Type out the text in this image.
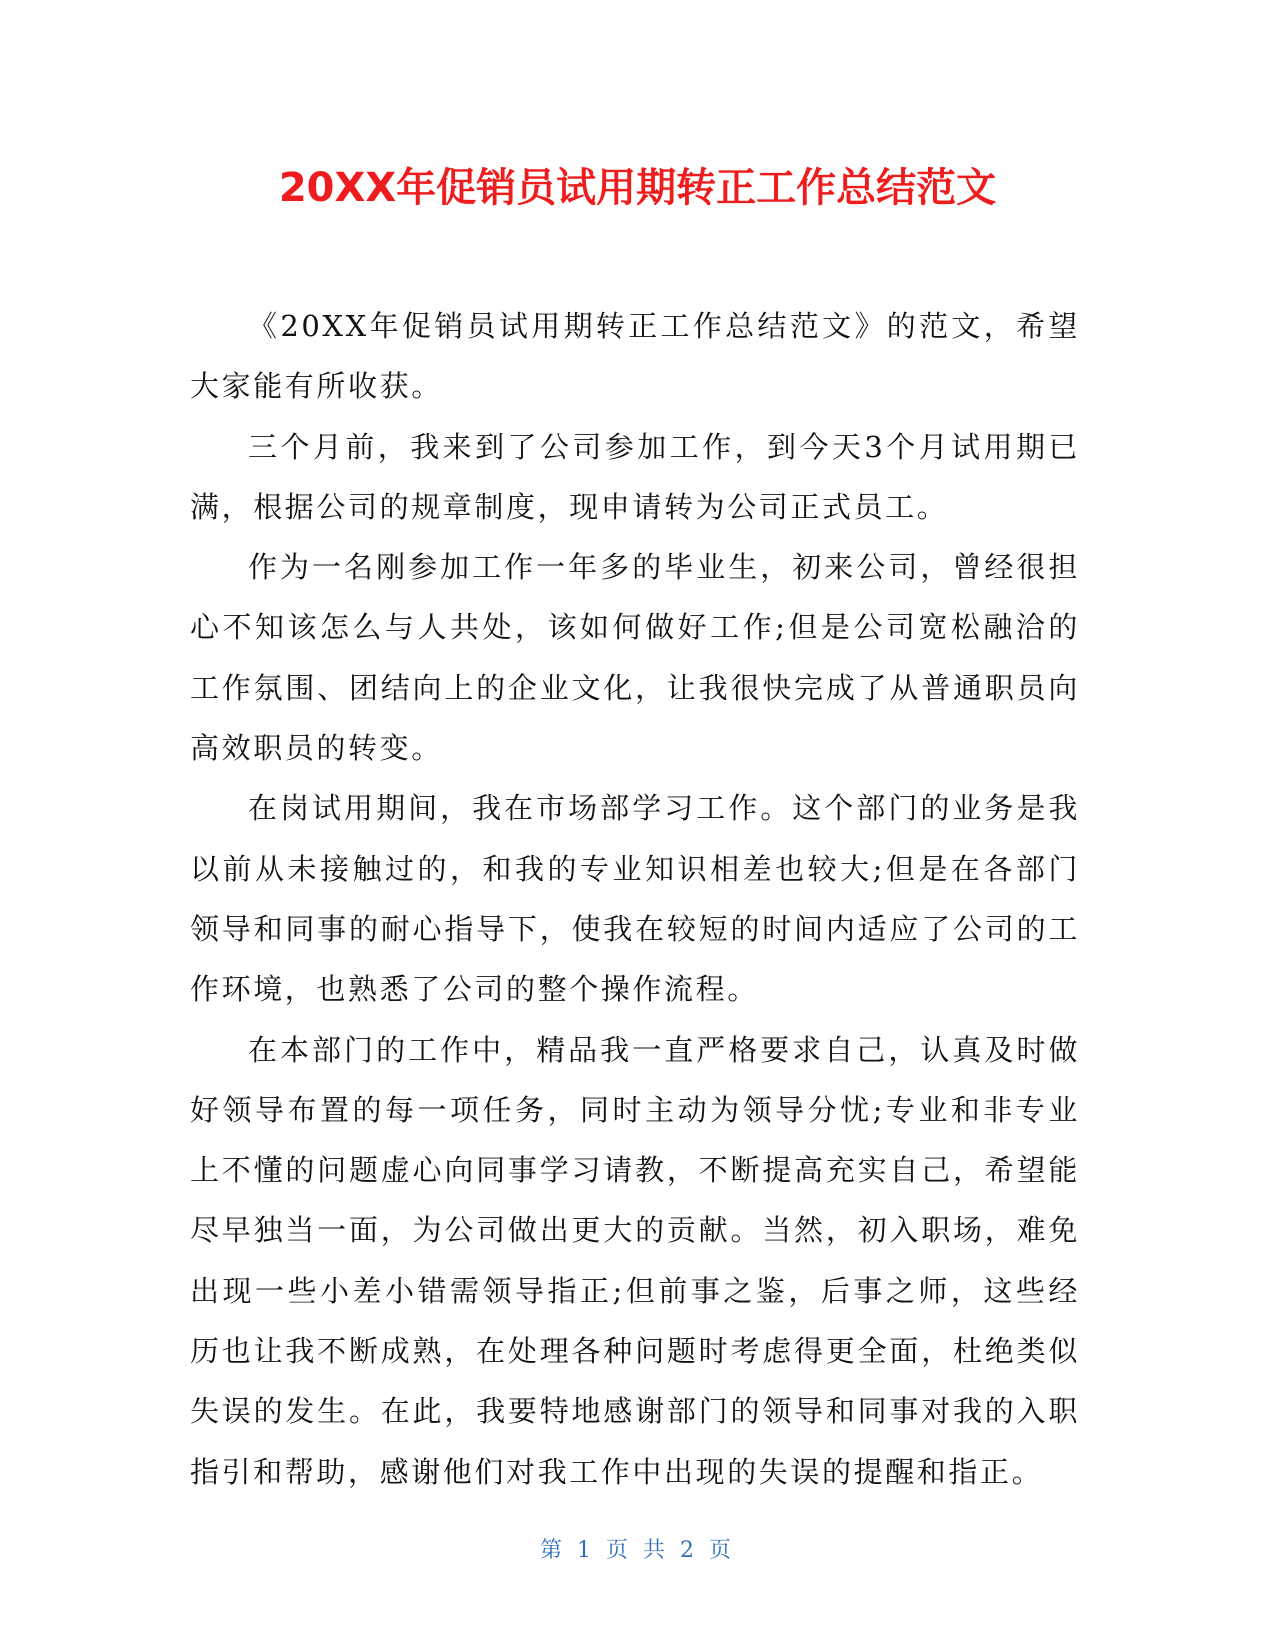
20XX年促销员试用期转正工作总结范文

《20XX年促销员试用期转正工作总结范文》的范文，希望大家能有所收获。

三个月前，我来到了公司参加工作，到今天3个月试用期已满，根据公司的规章制度，现申请转为公司正式员工。

作为一名刚参加工作一年多的毕业生，初来公司，曾经很担心不知该怎么与人共处，该如何做好工作;但是公司宽松融洽的工作氛围、团结向上的企业文化，让我很快完成了从普通职员向高效职员的转变。

在岗试用期间，我在市场部学习工作。这个部门的业务是我以前从未接触过的，和我的专业知识相差也较大;但是在各部门领导和同事的耐心指导下，使我在较短的时间内适应了公司的工作环境，也熟悉了公司的整个操作流程。

在本部门的工作中，精品我一直严格要求自己，认真及时做好领导布置的每一项任务，同时主动为领导分忧;专业和非专业上不懂的问题虚心向同事学习请教，不断提高充实自己，希望能尽早独当一面，为公司做出更大的贡献。当然，初入职场，难免出现一些小差小错需领导指正;但前事之鉴，后事之师，这些经历也让我不断成熟，在处理各种问题时考虑得更全面，杜绝类似失误的发生。在此，我要特地感谢部门的领导和同事对我的入职指引和帮助，感谢他们对我工作中出现的失误的提醒和指正。

第 1 页 共 2 页
